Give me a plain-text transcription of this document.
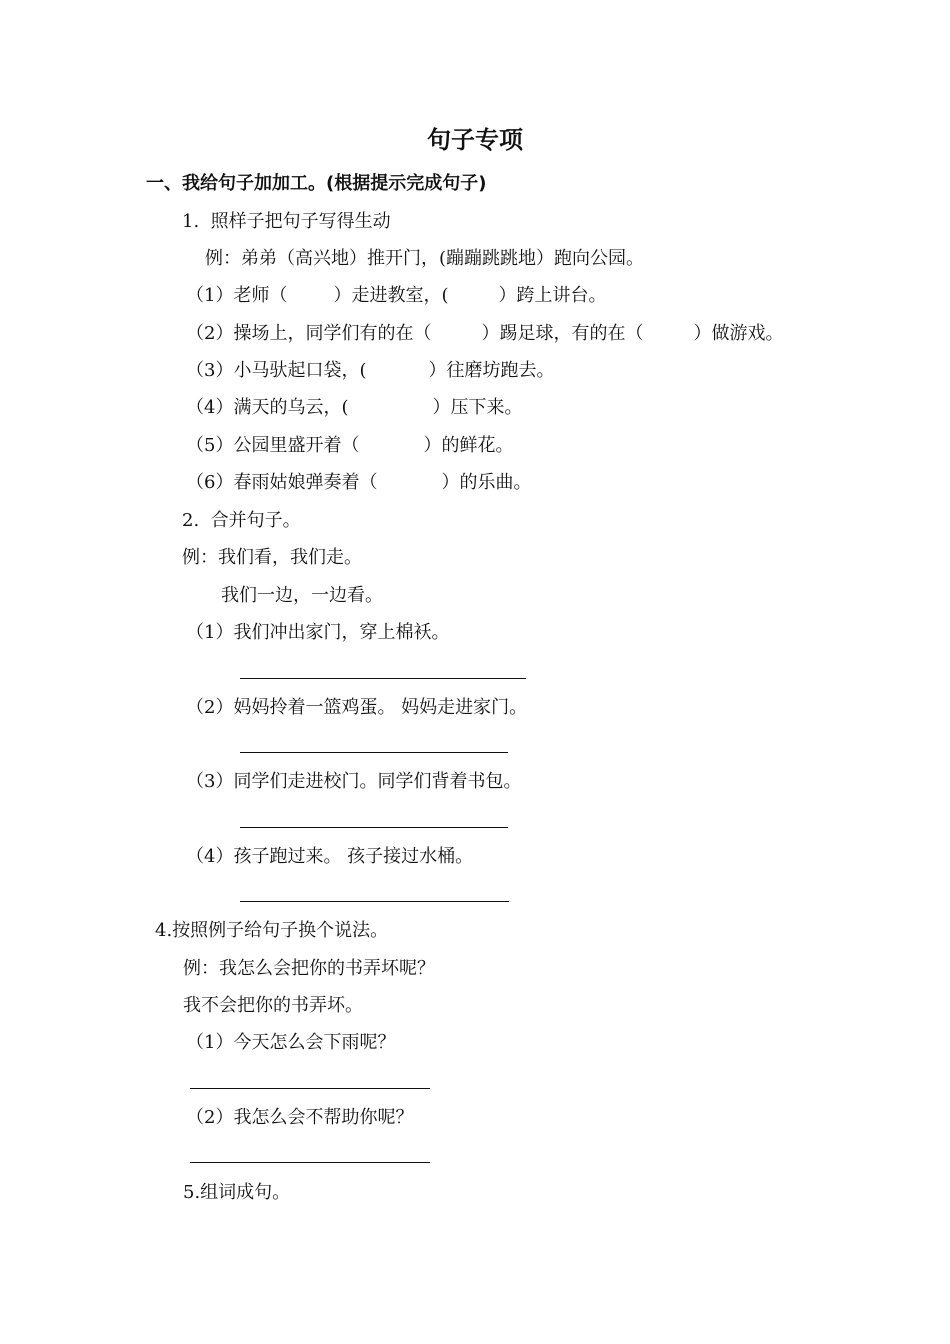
句子专项
一、我给句子加加工。(根据提示完成句子)
1.  照样子把句子写得生动
例：弟弟（高兴地）推开门，(蹦蹦跳跳地）跑向公园。
（1）老师（	）走进教室，(	）跨上讲台。
（2）操场上，同学们有的在（	）踢足球，有的在（	）做游戏。
（3）小马驮起口袋，(	）往磨坊跑去。
（4）满天的乌云，(	）压下来。
（5）公园里盛开着（	）的鲜花。
（6）春雨姑娘弹奏着（	）的乐曲。
2.  合并句子。
例：我们看，我们走。
我们一边，一边看。
（1）我们冲出家门，穿上棉袄。
（2）妈妈拎着一篮鸡蛋。 妈妈走进家门。
（3）同学们走进校门。同学们背着书包。
（4）孩子跑过来。 孩子接过水桶。
4.按照例子给句子换个说法。
例：我怎么会把你的书弄坏呢？
我不会把你的书弄坏。
（1）今天怎么会下雨呢？
（2）我怎么会不帮助你呢？
5.组词成句。
